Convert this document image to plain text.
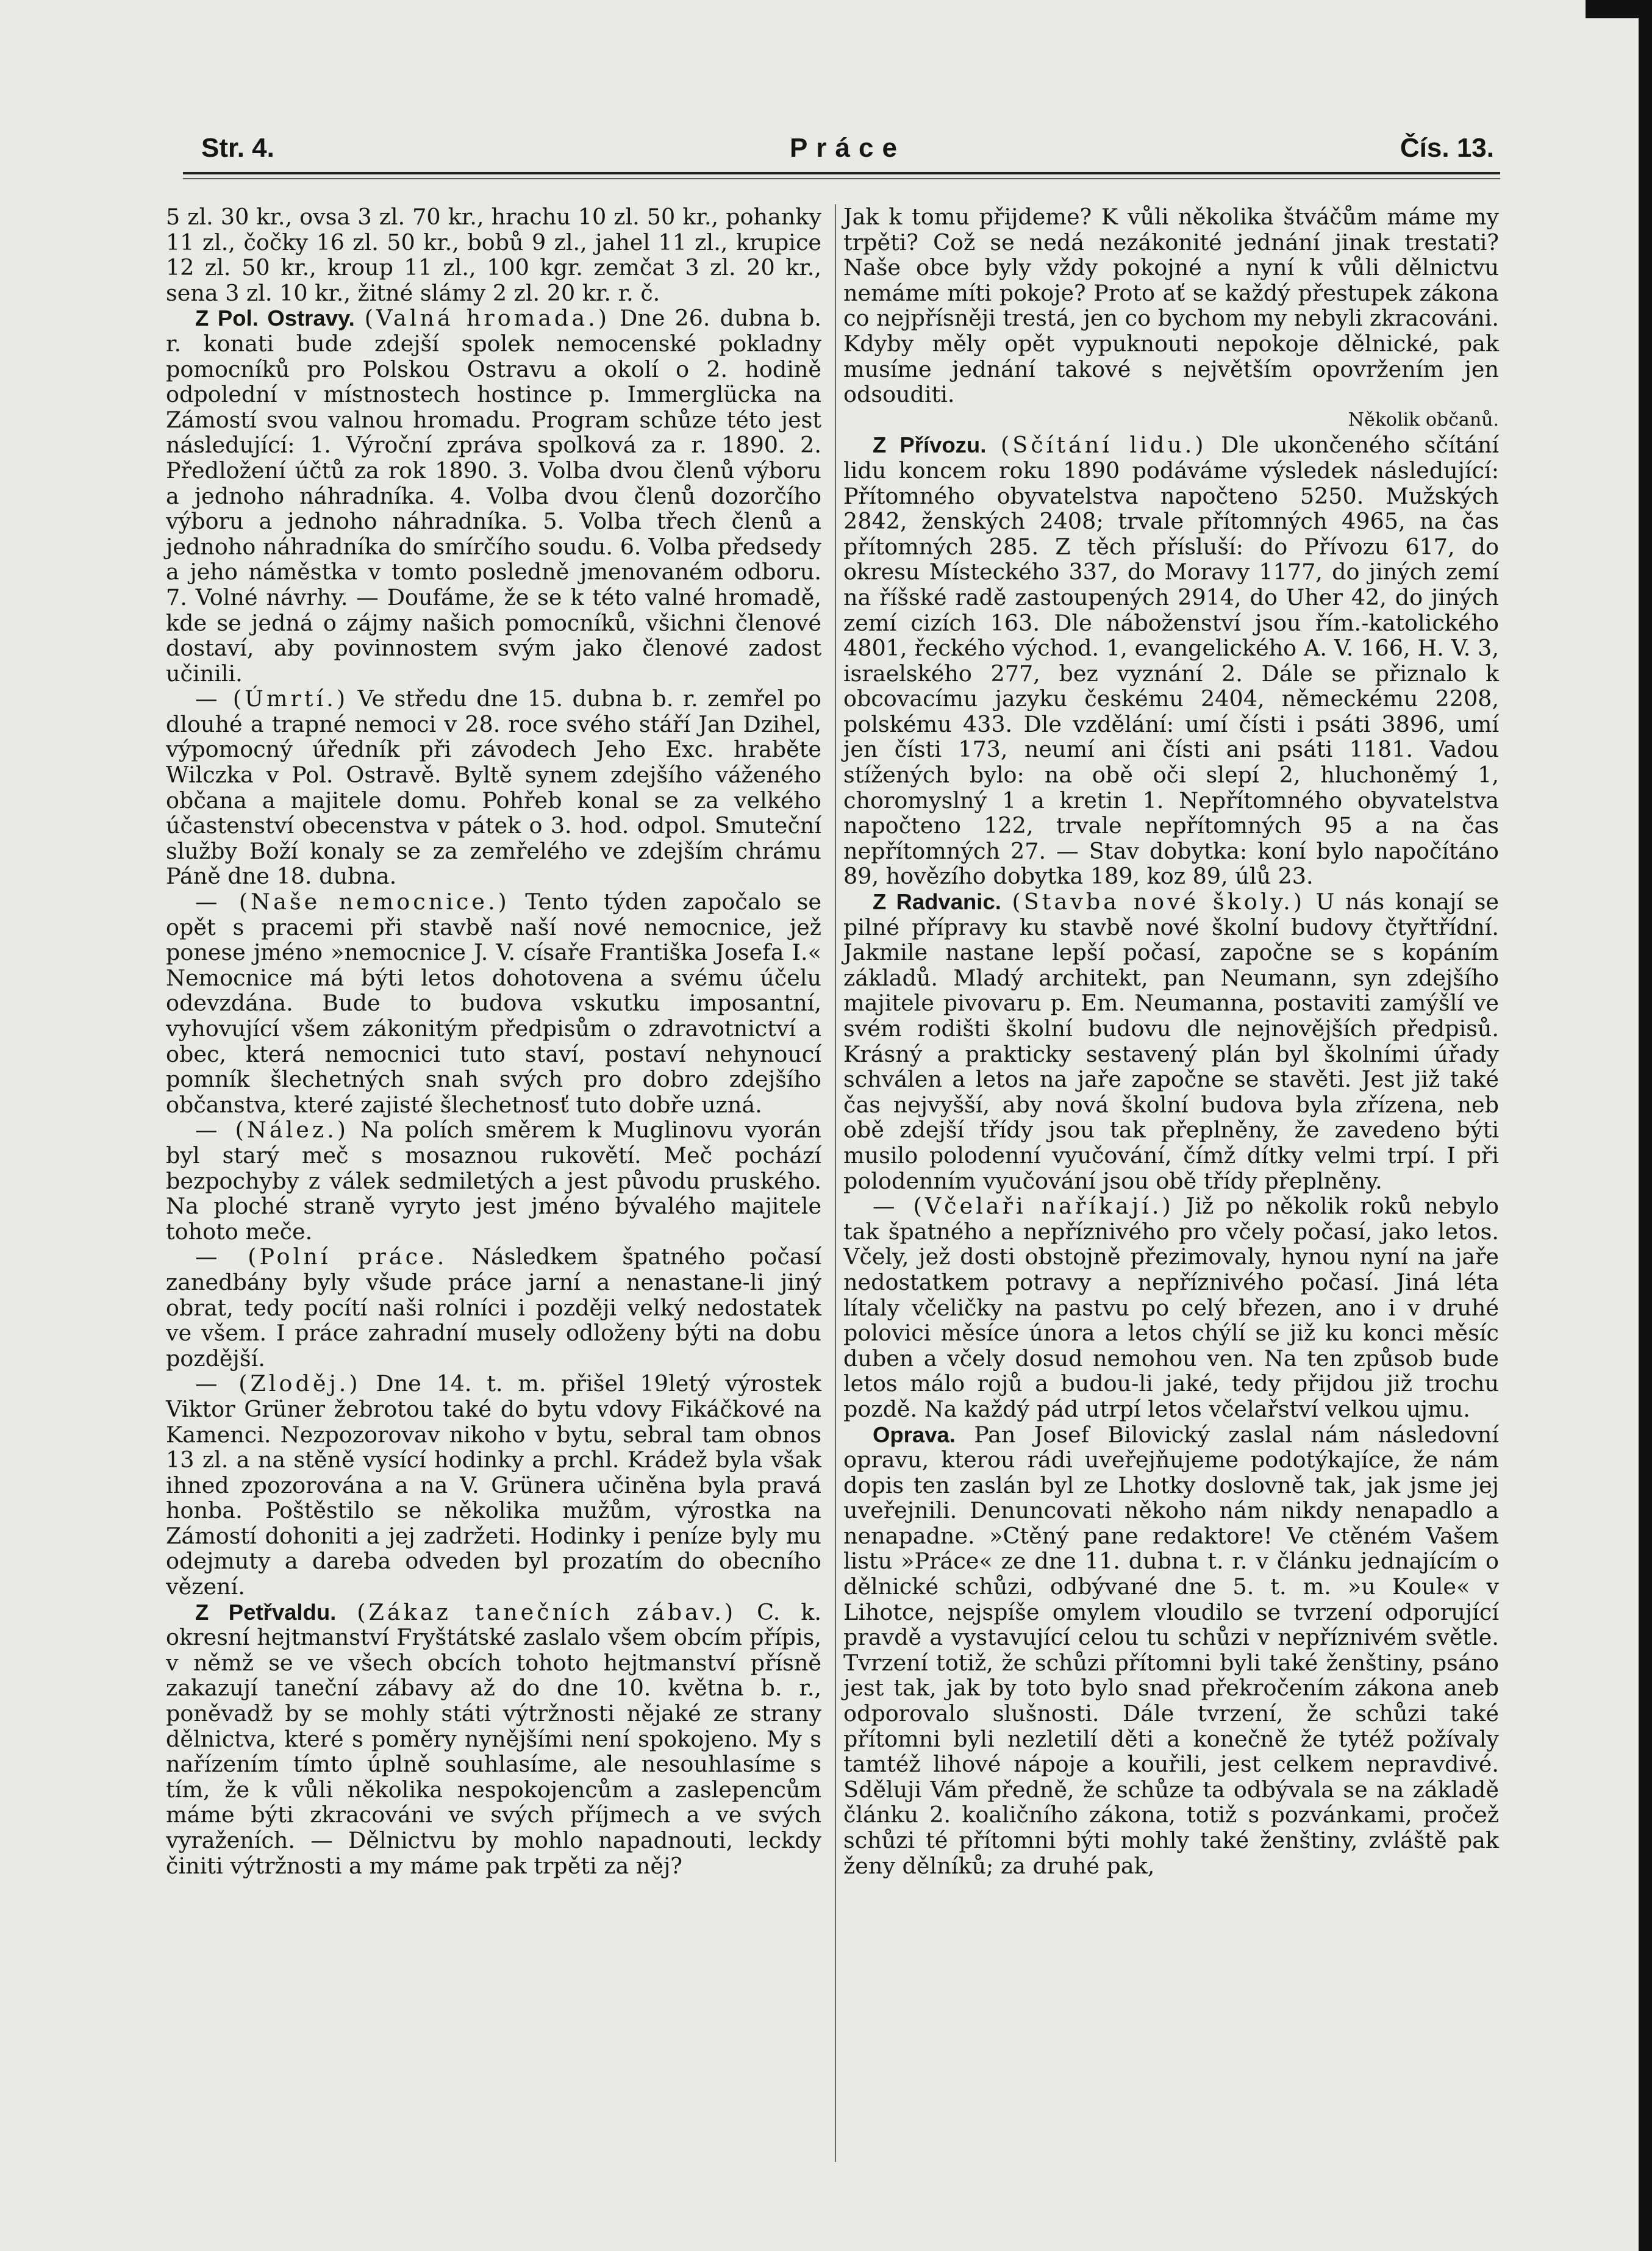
Str. 4.	Práce	Čís. 13.

5 zl. 30 kr., ovsa 3 zl. 70 kr., hrachu 10 zl. 50 kr., pohanky 11 zl., čočky 16 zl. 50 kr., bobů 9 zl., jahel 11 zl., krupice 12 zl. 50 kr., kroup 11 zl., 100 kgr. zemčat 3 zl. 20 kr., sena 3 zl. 10 kr., žitné slámy 2 zl. 20 kr. r. č.

Z Pol. Ostravy. (Valná hromada.) Dne 26. dubna b. r. konati bude zdejší spolek nemocenské pokladny pomocníků pro Polskou Ostravu a okolí o 2. hodině odpolední v místnostech hostince p. Immerglücka na Zámostí svou valnou hromadu. Program schůze této jest následující: 1. Výroční zpráva spolková za r. 1890. 2. Předložení účtů za rok 1890. 3. Volba dvou členů výboru a jednoho náhradníka. 4. Volba dvou členů dozorčího výboru a jednoho náhradníka. 5. Volba třech členů a jednoho náhradníka do smírčího soudu. 6. Volba předsedy a jeho náměstka v tomto posledně jmenovaném odboru. 7. Volné návrhy. — Doufáme, že se k této valné hromadě, kde se jedná o zájmy našich pomocníků, všichni členové dostaví, aby povinnostem svým jako členové zadost učinili.

— (Úmrtí.) Ve středu dne 15. dubna b. r. zemřel po dlouhé a trapné nemoci v 28. roce svého stáří Jan Dzihel, výpomocný úředník při závodech Jeho Exc. hraběte Wilczka v Pol. Ostravě. Byltě synem zdejšího váženého občana a majitele domu. Pohřeb konal se za velkého účastenství obecenstva v pátek o 3. hod. odpol. Smuteční služby Boží konaly se za zemřelého ve zdejším chrámu Páně dne 18. dubna.

— (Naše nemocnice.) Tento týden započalo se opět s pracemi při stavbě naší nové nemocnice, jež ponese jméno »nemocnice J. V. císaře Františka Josefa I.« Nemocnice má býti letos dohotovena a svému účelu odevzdána. Bude to budova vskutku imposantní, vyhovující všem zákonitým předpisům o zdravotnictví a obec, která nemocnici tuto staví, postaví nehynoucí pomník šlechetných snah svých pro dobro zdejšího občanstva, které zajisté šlechetnosť tuto dobře uzná.

— (Nález.) Na polích směrem k Muglinovu vyorán byl starý meč s mosaznou rukovětí. Meč pochází bezpochyby z válek sedmiletých a jest původu pruského. Na ploché straně vyryto jest jméno bývalého majitele tohoto meče.

— (Polní práce. Následkem špatného počasí zanedbány byly všude práce jarní a nenastane-li jiný obrat, tedy pocítí naši rolníci i později velký nedostatek ve všem. I práce zahradní musely odloženy býti na dobu pozdější.

— (Zloděj.) Dne 14. t. m. přišel 19letý výrostek Viktor Grüner žebrotou také do bytu vdovy Fikáčkové na Kamenci. Nezpozorovav nikoho v bytu, sebral tam obnos 13 zl. a na stěně vysící hodinky a prchl. Krádež byla však ihned zpozorována a na V. Grünera učiněna byla pravá honba. Poštěstilo se několika mužům, výrostka na Zámostí dohoniti a jej zadržeti. Hodinky i peníze byly mu odejmuty a dareba odveden byl prozatím do obecního vězení.

Z Petřvaldu. (Zákaz tanečních zábav.) C. k. okresní hejtmanství Fryštátské zaslalo všem obcím přípis, v němž se ve všech obcích tohoto hejtmanství přísně zakazují taneční zábavy až do dne 10. května b. r., poněvadž by se mohly státi výtržnosti nějaké ze strany dělnictva, které s poměry nynějšími není spokojeno. My s nařízením tímto úplně souhlasíme, ale nesouhlasíme s tím, že k vůli několika nespokojencům a zaslepencům máme býti zkracováni ve svých příjmech a ve svých vyraženích. — Dělnictvu by mohlo napadnouti, leckdy činiti výtržnosti a my máme pak trpěti za něj?

Jak k tomu přijdeme? K vůli několika štváčům máme my trpěti? Což se nedá nezákonité jednání jinak trestati? Naše obce byly vždy pokojné a nyní k vůli dělnictvu nemáme míti pokoje? Proto ať se každý přestupek zákona co nejpřísněji trestá, jen co bychom my nebyli zkracováni. Kdyby měly opět vypuknouti nepokoje dělnické, pak musíme jednání takové s největším opovržením jen odsouditi.

Několik občanů.

Z Přívozu. (Sčítání lidu.) Dle ukončeného sčítání lidu koncem roku 1890 podáváme výsledek následující: Přítomného obyvatelstva napočteno 5250. Mužských 2842, ženských 2408; trvale přítomných 4965, na čas přítomných 285. Z těch přísluší: do Přívozu 617, do okresu Místeckého 337, do Moravy 1177, do jiných zemí na říšské radě zastoupených 2914, do Uher 42, do jiných zemí cizích 163. Dle náboženství jsou řím.-katolického 4801, řeckého východ. 1, evangelického A. V. 166, H. V. 3, israelského 277, bez vyznání 2. Dále se přiznalo k obcovacímu jazyku českému 2404, německému 2208, polskému 433. Dle vzdělání: umí čísti i psáti 3896, umí jen čísti 173, neumí ani čísti ani psáti 1181. Vadou stížených bylo: na obě oči slepí 2, hluchoněmý 1, choromyslný 1 a kretin 1. Nepřítomného obyvatelstva napočteno 122, trvale nepřítomných 95 a na čas nepřítomných 27. — Stav dobytka: koní bylo napočítáno 89, hovězího dobytka 189, koz 89, úlů 23.

Z Radvanic. (Stavba nové školy.) U nás konají se pilné přípravy ku stavbě nové školní budovy čtyřtřídní. Jakmile nastane lepší počasí, započne se s kopáním základů. Mladý architekt, pan Neumann, syn zdejšího majitele pivovaru p. Em. Neumanna, postaviti zamýšlí ve svém rodišti školní budovu dle nejnovějších předpisů. Krásný a prakticky sestavený plán byl školními úřady schválen a letos na jaře započne se stavěti. Jest již také čas nejvyšší, aby nová školní budova byla zřízena, neb obě zdejší třídy jsou tak přeplněny, že zavedeno býti musilo polodenní vyučování, čímž dítky velmi trpí. I při polodenním vyučování jsou obě třídy přeplněny.

— (Včelaři naříkají.) Již po několik roků nebylo tak špatného a nepříznivého pro včely počasí, jako letos. Včely, jež dosti obstojně přezimovaly, hynou nyní na jaře nedostatkem potravy a nepříznivého počasí. Jiná léta lítaly včeličky na pastvu po celý březen, ano i v druhé polovici měsíce února a letos chýlí se již ku konci měsíc duben a včely dosud nemohou ven. Na ten způsob bude letos málo rojů a budou-li jaké, tedy přijdou již trochu pozdě. Na každý pád utrpí letos včelařství velkou ujmu.

Oprava. Pan Josef Bilovický zaslal nám následovní opravu, kterou rádi uveřejňujeme podotýkajíce, že nám dopis ten zaslán byl ze Lhotky doslovně tak, jak jsme jej uveřejnili. Denuncovati někoho nám nikdy nenapadlo a nenapadne. »Ctěný pane redaktore! Ve ctěném Vašem listu »Práce« ze dne 11. dubna t. r. v článku jednajícím o dělnické schůzi, odbývané dne 5. t. m. »u Koule« v Lihotce, nejspíše omylem vloudilo se tvrzení odporující pravdě a vystavující celou tu schůzi v nepříznivém světle. Tvrzení totiž, že schůzi přítomni byli také ženštiny, psáno jest tak, jak by toto bylo snad překročením zákona aneb odporovalo slušnosti. Dále tvrzení, že schůzi také přítomni byli nezletilí děti a konečně že tytéž požívaly tamtéž lihové nápoje a kouřili, jest celkem nepravdivé. Sděluji Vám předně, že schůze ta odbývala se na základě článku 2. koaličního zákona, totiž s pozvánkami, pročež schůzi té přítomni býti mohly také ženštiny, zvláště pak ženy dělníků; za druhé pak,
